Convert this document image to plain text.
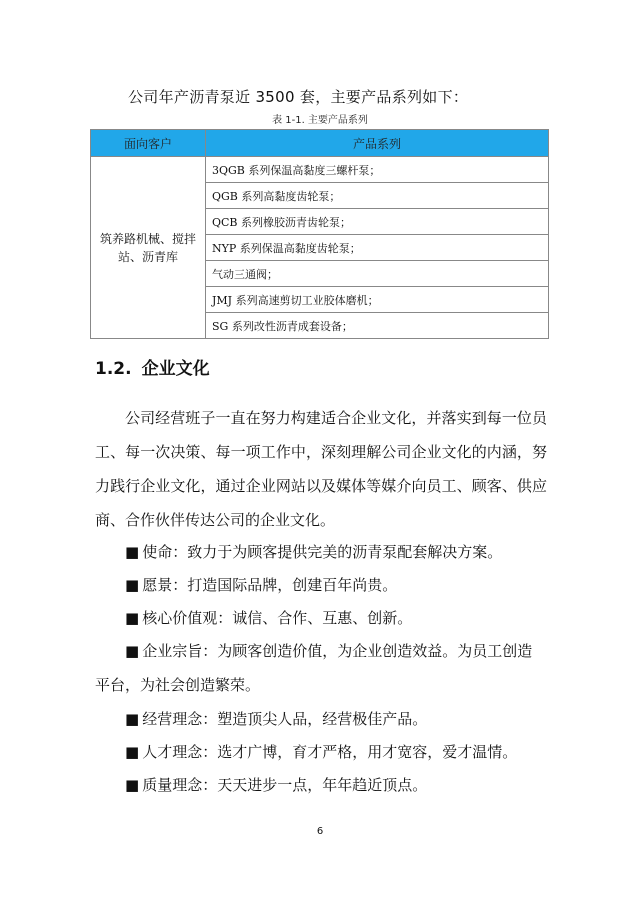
公司年产沥青泵近 3500 套，主要产品系列如下：
表 1-1. 主要产品系列
面向客户	产品系列
筑养路机械、搅拌站、沥青库	3QGB 系列保温高黏度三螺杆泵；
	QGB 系列高黏度齿轮泵；
	QCB 系列橡胶沥青齿轮泵；
	NYP 系列保温高黏度齿轮泵；
	气动三通阀；
	JMJ 系列高速剪切工业胶体磨机；
	SG 系列改性沥青成套设备；
1.2. 企业文化
公司经营班子一直在努力构建适合企业文化，并落实到每一位员工、每一次决策、每一项工作中，深刻理解公司企业文化的内涵，努力践行企业文化，通过企业网站以及媒体等媒介向员工、顾客、供应商、合作伙伴传达公司的企业文化。
■ 使命：致力于为顾客提供完美的沥青泵配套解决方案。
■ 愿景：打造国际品牌，创建百年尚贵。
■ 核心价值观：诚信、合作、互惠、创新。
■ 企业宗旨：为顾客创造价值，为企业创造效益。为员工创造平台，为社会创造繁荣。
■ 经营理念：塑造顶尖人品，经营极佳产品。
■ 人才理念：选才广博，育才严格，用才宽容，爱才温情。
■ 质量理念：天天进步一点，年年趋近顶点。
6
